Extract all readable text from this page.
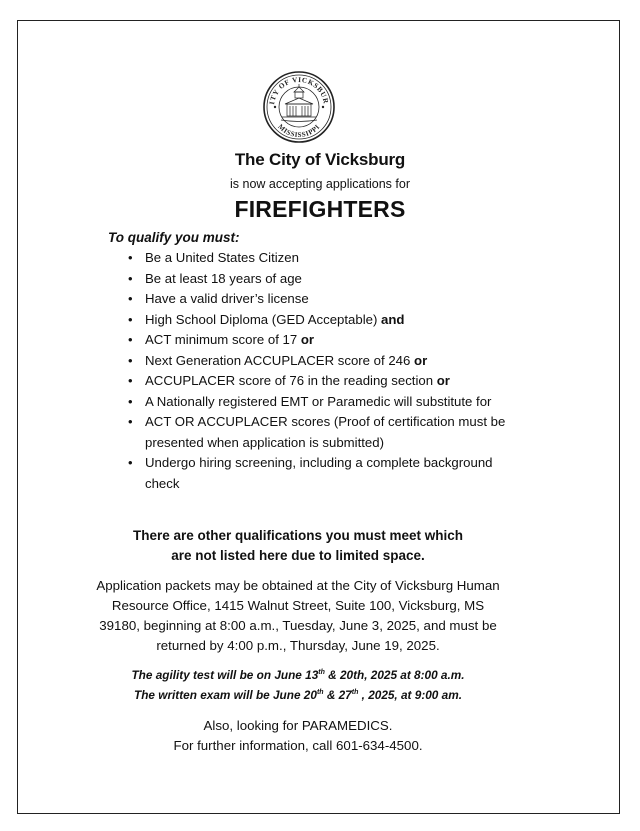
ITY OF VICKSBUR
MISSISSIPPI
The City of Vicksburg
is now accepting applications for
FIREFIGHTERS
To qualify you must:
• Be a United States Citizen
• Be at least 18 years of age
• Have a valid driver’s license
• High School Diploma (GED Acceptable) and
• ACT minimum score of 17 or
• Next Generation ACCUPLACER score of 246 or
• ACCUPLACER score of 76 in the reading section or
• A Nationally registered EMT or Paramedic will substitute for
• ACT OR ACCUPLACER scores (Proof of certification must be presented when application is submitted)
• Undergo hiring screening, including a complete background check
There are other qualifications you must meet which
are not listed here due to limited space.
Application packets may be obtained at the City of Vicksburg Human
Resource Office, 1415 Walnut Street, Suite 100, Vicksburg, MS
39180, beginning at 8:00 a.m., Tuesday, June 3, 2025, and must be
returned by 4:00 p.m., Thursday, June 19, 2025.
The agility test will be on June 13th & 20th, 2025 at 8:00 a.m.
The written exam will be June 20th & 27th , 2025, at 9:00 am.
Also, looking for PARAMEDICS.
For further information, call 601-634-4500.
